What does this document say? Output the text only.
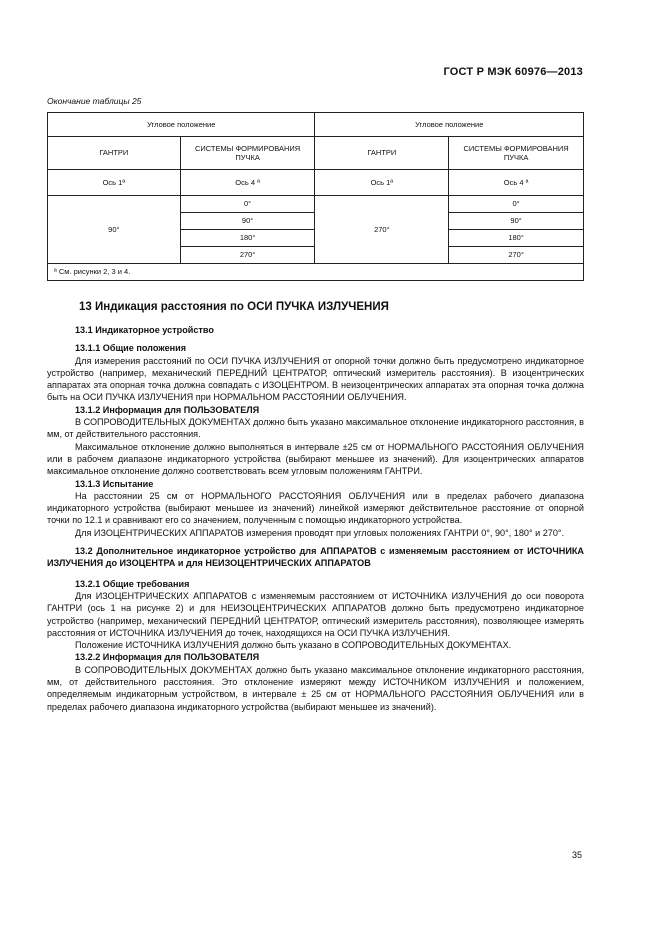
ГОСТ Р МЭК 60976—2013
Окончание таблицы 25
Угловое положение		Угловое положение	
ГАНТРИ	СИСТЕМЫ ФОРМИРОВАНИЯ ПУЧКА	ГАНТРИ	СИСТЕМЫ ФОРМИРОВАНИЯ ПУЧКА
Ось 1ª	Ось 4 ª	Ось 1ª	Ось 4 ª
90°	0°	270°	0°
	90°		90°
	180°		180°
	270°		270°
ª См. рисунки 2, 3 и 4.			
13 Индикация расстояния по ОСИ ПУЧКА ИЗЛУЧЕНИЯ
13.1 Индикаторное устройство
13.1.1 Общие положения

Для измерения расстояний по ОСИ ПУЧКА ИЗЛУЧЕНИЯ от опорной точки должно быть предусмотрено индикаторное устройство (например, механический ПЕРЕДНИЙ ЦЕНТРАТОР, оптический измеритель расстояния). В изоцентрических аппаратах эта опорная точка должна совпадать с ИЗОЦЕНТРОМ. В неизоцентрических аппаратах эта опорная точка должна быть на ОСИ ПУЧКА ИЗЛУЧЕНИЯ при НОРМАЛЬНОМ РАССТОЯНИИ ОБЛУЧЕНИЯ.

13.1.2 Информация для ПОЛЬЗОВАТЕЛЯ

В СОПРОВОДИТЕЛЬНЫХ ДОКУМЕНТАХ должно быть указано максимальное отклонение индикаторного расстояния, в мм, от действительного расстояния.

Максимальное отклонение должно выполняться в интервале ±25 см от НОРМАЛЬНОГО РАССТОЯНИЯ ОБЛУЧЕНИЯ или в рабочем диапазоне индикаторного устройства (выбирают меньшее из значений). Для изоцентрических аппаратов максимальное отклонение должно соответствовать всем угловым положениям ГАНТРИ.

13.1.3 Испытание

На расстоянии 25 см от НОРМАЛЬНОГО РАССТОЯНИЯ ОБЛУЧЕНИЯ или в пределах рабочего диапазона индикаторного устройства (выбирают меньшее из значений) линейкой измеряют действительное расстояние от опорной точки по 12.1 и сравнивают его со значением, полученным с помощью индикаторного устройства.

Для ИЗОЦЕНТРИЧЕСКИХ АППАРАТОВ измерения проводят при угловых положениях ГАНТРИ 0°, 90°, 180° и 270°.

13.2 Дополнительное индикаторное устройство для АППАРАТОВ с изменяемым расстоянием от ИСТОЧНИКА ИЗЛУЧЕНИЯ до ИЗОЦЕНТРА и для НЕИЗОЦЕНТРИЧЕСКИХ АППАРАТОВ
13.2.1 Общие требования

Для ИЗОЦЕНТРИЧЕСКИХ АППАРАТОВ с изменяемым расстоянием от ИСТОЧНИКА ИЗЛУЧЕНИЯ до оси поворота ГАНТРИ (ось 1 на рисунке 2) и для НЕИЗОЦЕНТРИЧЕСКИХ АППАРАТОВ должно быть предусмотрено индикаторное устройство (например, механический ПЕРЕДНИЙ ЦЕНТРАТОР, оптический измеритель расстояния), позволяющее измерять расстояния от ИСТОЧНИКА ИЗЛУЧЕНИЯ до точек, находящихся на ОСИ ПУЧКА ИЗЛУЧЕНИЯ.

Положение ИСТОЧНИКА ИЗЛУЧЕНИЯ должно быть указано в СОПРОВОДИТЕЛЬНЫХ ДОКУМЕНТАХ.

13.2.2 Информация для ПОЛЬЗОВАТЕЛЯ

В СОПРОВОДИТЕЛЬНЫХ ДОКУМЕНТАХ должно быть указано максимальное отклонение индикаторного расстояния, мм, от действительного расстояния. Это отклонение измеряют между ИСТОЧНИКОМ ИЗЛУЧЕНИЯ и положением, определяемым индикаторным устройством, в интервале ± 25 см от НОРМАЛЬНОГО РАССТОЯНИЯ ОБЛУЧЕНИЯ или в пределах рабочего диапазона индикаторного устройства (выбирают меньшее из значений).

35
